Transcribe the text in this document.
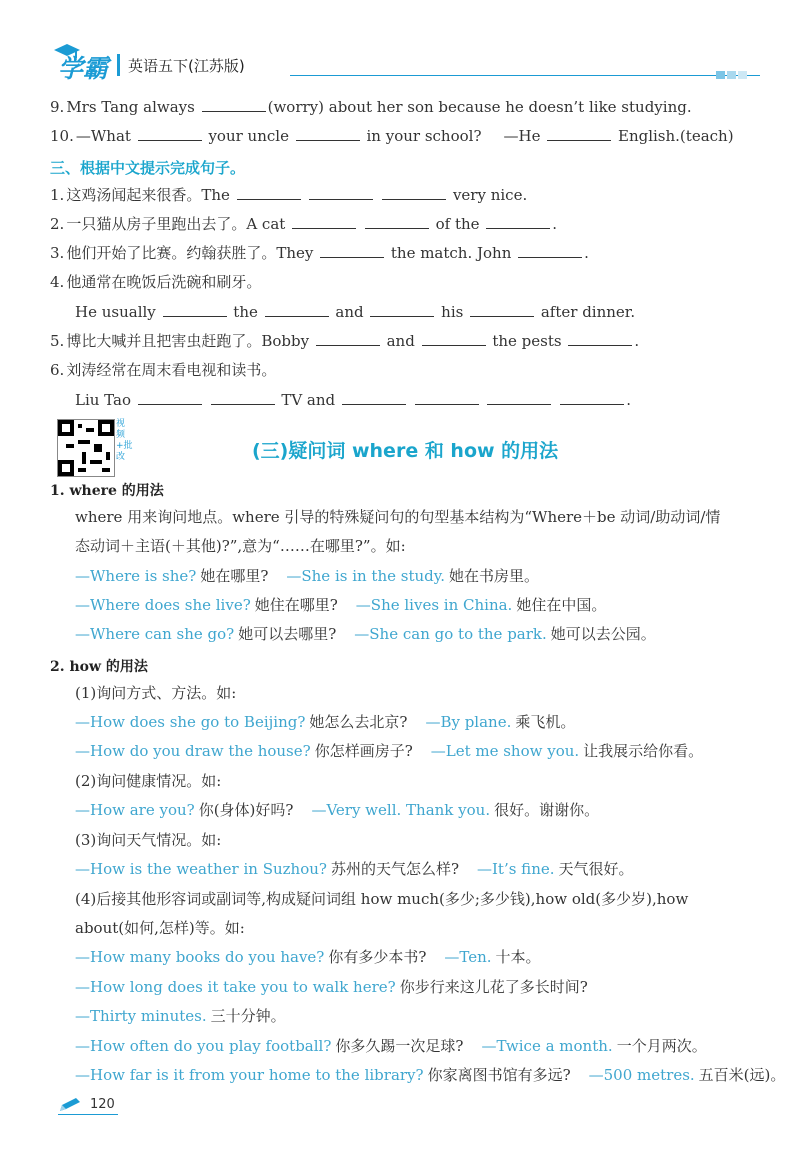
学霸 英语五下(江苏版)
9. Mrs Tang always	(worry) about her son because he doesn’t like studying.
10. —What	your uncle	in your school? —He	English.(teach)
三、根据中文提示完成句子。
1. 这鸡汤闻起来很香。The	very nice.
2. 一只猫从房子里跑出去了。A cat	of the	.
3. 他们开始了比赛。约翰获胜了。They	the match. John	.
4. 他通常在晚饭后洗碗和刷牙。
He usually	the	and	his	after dinner.
5. 博比大喊并且把害虫赶跑了。Bobby	and	the pests	.
6. 刘涛经常在周末看电视和读书。
Liu Tao	TV and	.
视频+批改	(三)疑问词 where 和 how 的用法
1. where 的用法
where 用来询问地点。where 引导的特殊疑问句的句型基本结构为“Where＋be 动词/助动词/情
态动词＋主语(＋其他)?”,意为“……在哪里?”。如:
—Where is she? 她在哪里? —She is in the study. 她在书房里。
—Where does she live? 她住在哪里? —She lives in China. 她住在中国。
—Where can she go? 她可以去哪里? —She can go to the park. 她可以去公园。
2. how 的用法
(1)询问方式、方法。如:
—How does she go to Beijing? 她怎么去北京? —By plane. 乘飞机。
—How do you draw the house? 你怎样画房子? —Let me show you. 让我展示给你看。
(2)询问健康情况。如:
—How are you? 你(身体)好吗? —Very well. Thank you. 很好。谢谢你。
(3)询问天气情况。如:
—How is the weather in Suzhou? 苏州的天气怎么样? —It’s fine. 天气很好。
(4)后接其他形容词或副词等,构成疑问词组 how much(多少;多少钱),how old(多少岁),how
about(如何,怎样)等。如:
—How many books do you have? 你有多少本书? —Ten. 十本。
—How long does it take you to walk here? 你步行来这儿花了多长时间?
—Thirty minutes. 三十分钟。
—How often do you play football? 你多久踢一次足球? —Twice a month. 一个月两次。
—How far is it from your home to the library? 你家离图书馆有多远? —500 metres. 五百米(远)。
120
